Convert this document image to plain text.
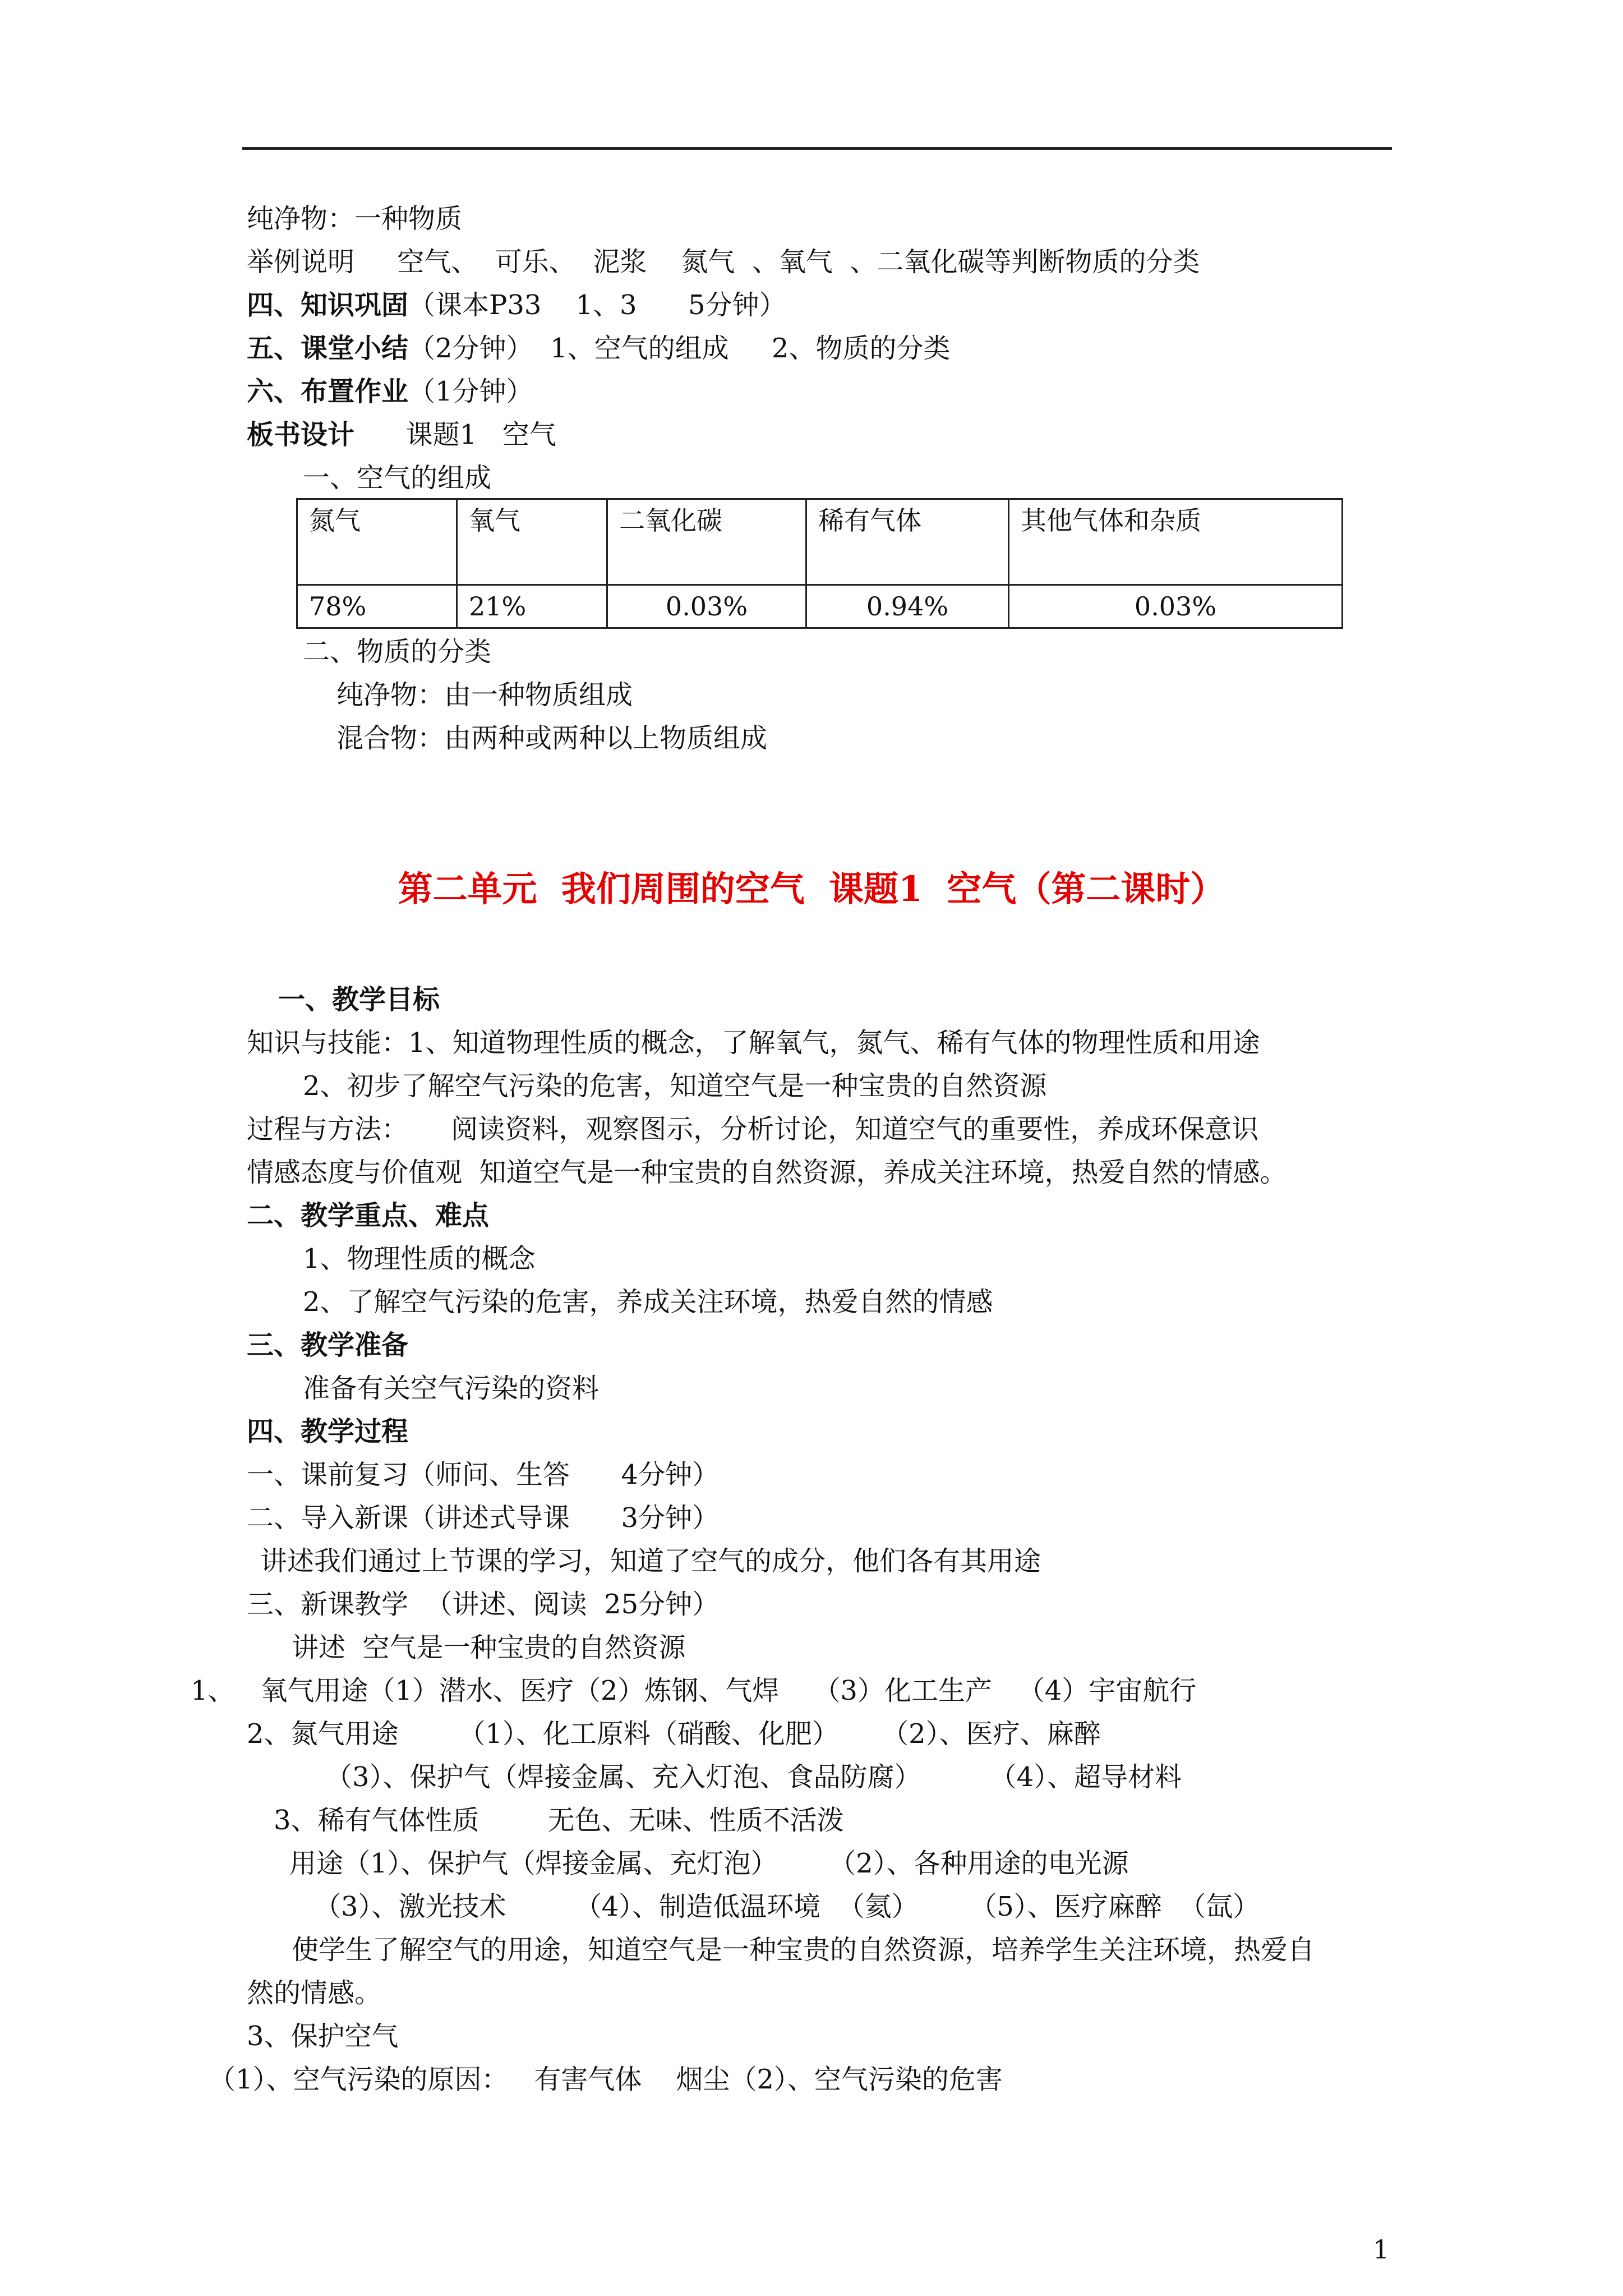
纯净物：一种物质
举例说明     空气、  可乐、  泥浆    氮气  、氧气  、二氧化碳等判断物质的分类
四、知识巩固（课本P33    1、3      5分钟）
五、课堂小结（2分钟）  1、空气的组成     2、物质的分类
六、布置作业（1分钟）
板书设计      课题1   空气
一、空气的组成
氮气	氧气	二氧化碳	稀有气体	其他气体和杂质
78%	21%	0.03%	0.94%	0.03%
二、物质的分类
纯净物：由一种物质组成
混合物：由两种或两种以上物质组成
第二单元  我们周围的空气  课题1  空气（第二课时）
一、教学目标
知识与技能：1、知道物理性质的概念，了解氧气，氮气、稀有气体的物理性质和用途
2、初步了解空气污染的危害，知道空气是一种宝贵的自然资源
过程与方法：     阅读资料，观察图示，分析讨论，知道空气的重要性，养成环保意识
情感态度与价值观  知道空气是一种宝贵的自然资源，养成关注环境，热爱自然的情感。
二、教学重点、难点
1、物理性质的概念
2、了解空气污染的危害，养成关注环境，热爱自然的情感
三、教学准备
准备有关空气污染的资料
四、教学过程
一、课前复习（师问、生答      4分钟）
二、导入新课（讲述式导课      3分钟）
讲述我们通过上节课的学习，知道了空气的成分，他们各有其用途
三、新课教学  （讲述、阅读  25分钟）
讲述  空气是一种宝贵的自然资源
1、   氧气用途（1）潜水、医疗（2）炼钢、气焊    （3）化工生产   （4）宇宙航行
2、氮气用途       （1）、化工原料（硝酸、化肥）     （2）、医疗、麻醉
（3）、保护气（焊接金属、充入灯泡、食品防腐）        （4）、超导材料
3、稀有气体性质        无色、无味、性质不活泼
用途（1）、保护气（焊接金属、充灯泡）      （2）、各种用途的电光源
（3）、激光技术        （4）、制造低温环境  （氦）      （5）、医疗麻醉  （氙）
使学生了解空气的用途，知道空气是一种宝贵的自然资源，培养学生关注环境，热爱自
然的情感。
3、保护空气
（1）、空气污染的原因：   有害气体    烟尘（2）、空气污染的危害
1
